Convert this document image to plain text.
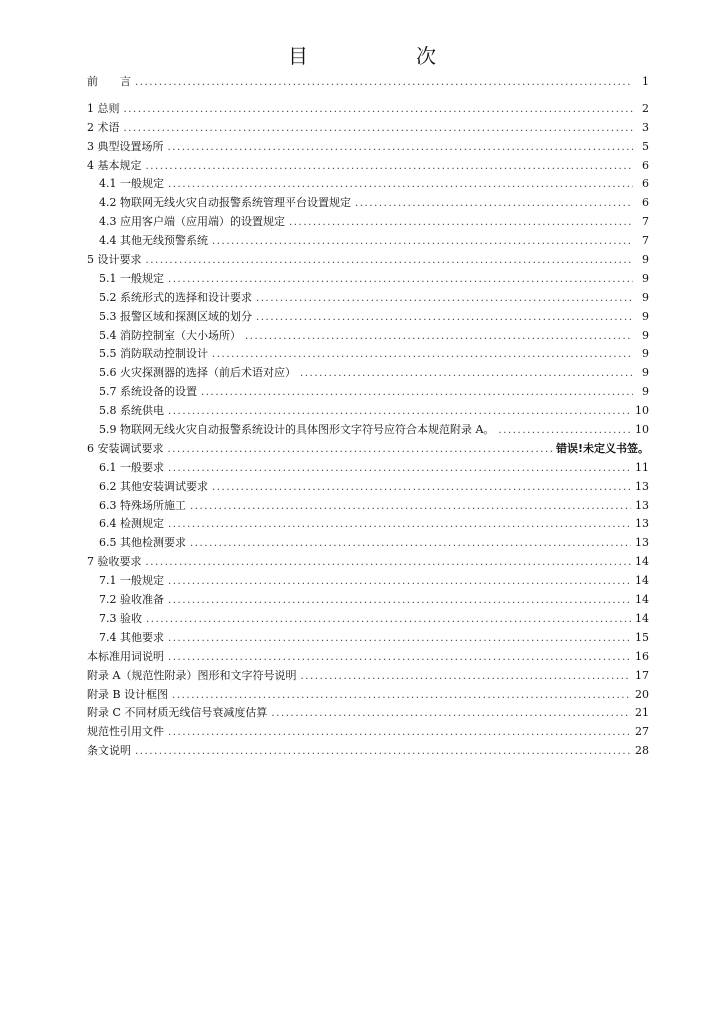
目　次
前　　言 .....	1
1 总则 .....	2
2 术语 .....	3
3 典型设置场所 .....	5
4 基本规定 .....	6
4.1 一般规定 .....	6
4.2 物联网无线火灾自动报警系统管理平台设置规定 .....	6
4.3 应用客户端（应用端）的设置规定 .....	7
4.4 其他无线预警系统 .....	7
5 设计要求 .....	9
5.1 一般规定 .....	9
5.2 系统形式的选择和设计要求 .....	9
5.3 报警区域和探测区域的划分 .....	9
5.4 消防控制室（大小场所） .....	9
5.5 消防联动控制设计 .....	9
5.6 火灾探测器的选择（前后术语对应） .....	9
5.7 系统设备的设置 .....	9
5.8 系统供电 .....	10
5.9 物联网无线火灾自动报警系统设计的具体图形文字符号应符合本规范附录 A。 .....	10
6 安装调试要求 .....	错误!未定义书签。
6.1 一般要求 .....	11
6.2 其他安装调试要求 .....	13
6.3 特殊场所施工 .....	13
6.4 检测规定 .....	13
6.5 其他检测要求 .....	13
7 验收要求 .....	14
7.1 一般规定 .....	14
7.2 验收准备 .....	14
7.3 验收 .....	14
7.4 其他要求 .....	15
本标准用词说明 .....	16
附录 A（规范性附录）图形和文字符号说明 .....	17
附录 B 设计框图 .....	20
附录 C 不同材质无线信号衰减度估算 .....	21
规范性引用文件 .....	27
条文说明 .....	28
